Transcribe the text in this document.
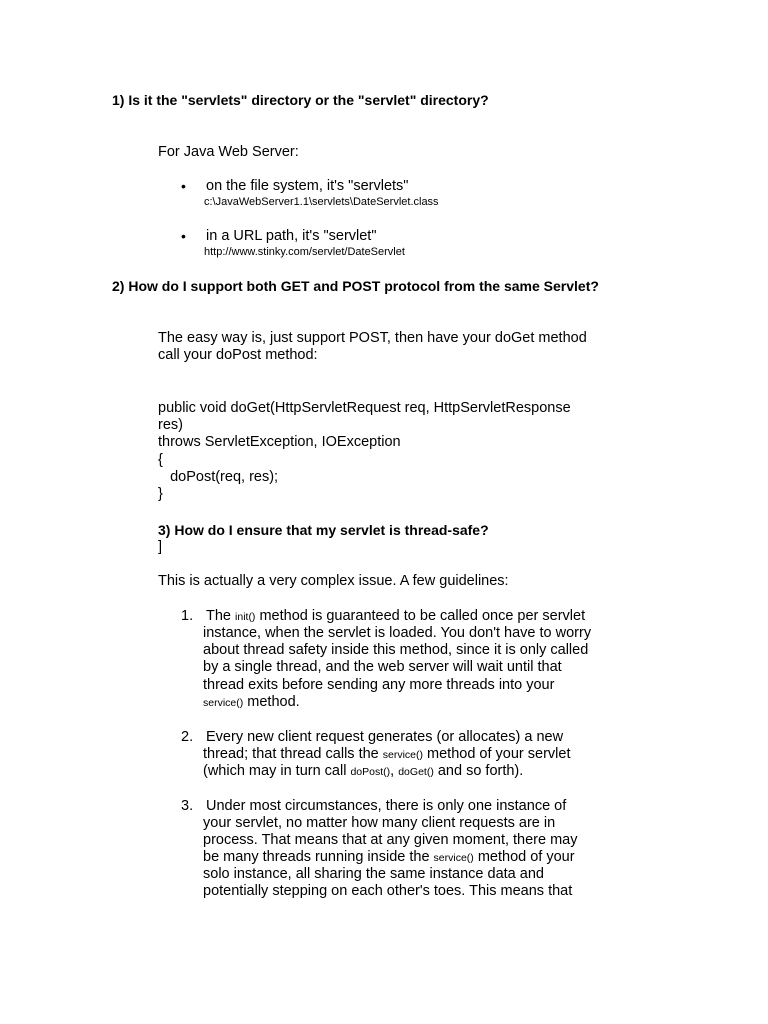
1) Is it the "servlets" directory or the "servlet" directory?
For Java Web Server:
• on the file system, it's "servlets"
c:\JavaWebServer1.1\servlets\DateServlet.class
• in a URL path, it's "servlet"
http://www.stinky.com/servlet/DateServlet
2) How do I support both GET and POST protocol from the same Servlet?
The easy way is, just support POST, then have your doGet method
call your doPost method:
public void doGet(HttpServletRequest req, HttpServletResponse
res)
throws ServletException, IOException
{
doPost(req, res);
}
3) How do I ensure that my servlet is thread-safe?
]
This is actually a very complex issue. A few guidelines:
1. The init() method is guaranteed to be called once per servlet
instance, when the servlet is loaded. You don't have to worry
about thread safety inside this method, since it is only called
by a single thread, and the web server will wait until that
thread exits before sending any more threads into your
service() method.
2. Every new client request generates (or allocates) a new
thread; that thread calls the service() method of your servlet
(which may in turn call doPost(), doGet() and so forth).
3. Under most circumstances, there is only one instance of
your servlet, no matter how many client requests are in
process. That means that at any given moment, there may
be many threads running inside the service() method of your
solo instance, all sharing the same instance data and
potentially stepping on each other's toes. This means that
